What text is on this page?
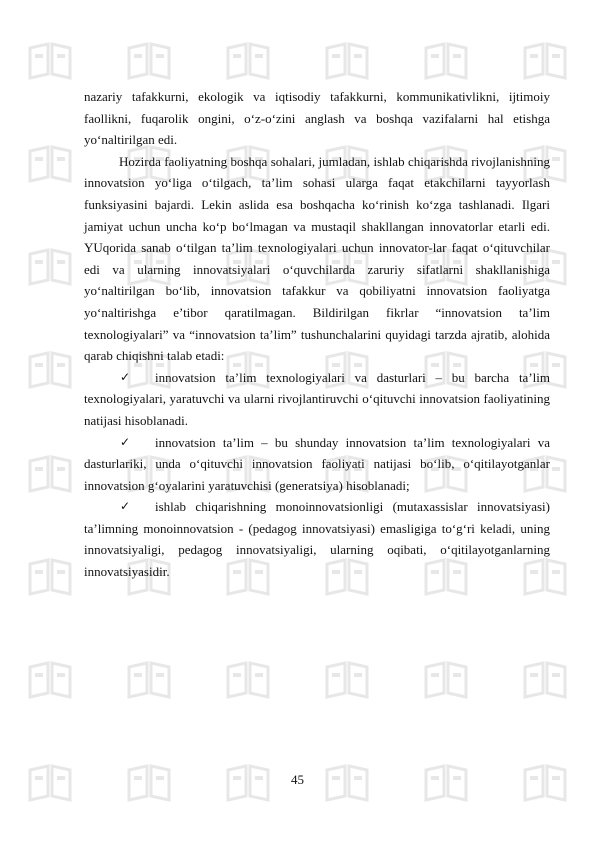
nazariy tafakkurni, ekologik va iqtisodiy tafakkurni, kommunikativlikni, ijtimoiy faollikni, fuqarolik ongini, o‘z-o‘zini anglash va boshqa vazifalarni hal etishga yo‘naltirilgan edi.

Hozirda faoliyatning boshqa sohalari, jumladan, ishlab chiqarishda rivojlanishning innovatsion yo‘liga o‘tilgach, ta’lim sohasi ularga faqat etakchilarni tayyorlash funksiyasini bajardi. Lekin aslida esa boshqacha ko‘rinish ko‘zga tashlanadi. Ilgari jamiyat uchun uncha ko‘p bo‘lmagan va mustaqil shakllangan innovatorlar etarli edi. YUqorida sanab o‘tilgan ta’lim texnologiyalari uchun innovator-lar faqat o‘qituvchilar edi va ularning innovatsiyalari o‘quvchilarda zaruriy sifatlarni shakllanishiga yo‘naltirilgan bo‘lib, innovatsion tafakkur va qobiliyatni innovatsion faoliyatga yo‘naltirishga e’tibor qaratilmagan. Bildirilgan fikrlar “innovatsion ta’lim texnologiyalari” va “innovatsion ta’lim” tushunchalarini quyidagi tarzda ajratib, alohida qarab chiqishni talab etadi:

✓ innovatsion ta’lim texnologiyalari va dasturlari – bu barcha ta’lim texnologiyalari, yaratuvchi va ularni rivojlantiruvchi o‘qituvchi innovatsion faoliyatining natijasi hisoblanadi.

✓ innovatsion ta’lim – bu shunday innovatsion ta’lim texnologiyalari va dasturlariki, unda o‘qituvchi innovatsion faoliyati natijasi bo‘lib, o‘qitilayotganlar innovatsion g‘oyalarini yaratuvchisi (generatsiya) hisoblanadi;

✓ ishlab chiqarishning monoinnovatsionligi (mutaxassislar innovatsiyasi) ta’limning monoinnovatsion - (pedagog innovatsiyasi) emasligiga to‘g‘ri keladi, uning innovatsiyaligi, pedagog innovatsiyaligi, ularning oqibati, o‘qitilayotganlarning innovatsiyasidir.

45
